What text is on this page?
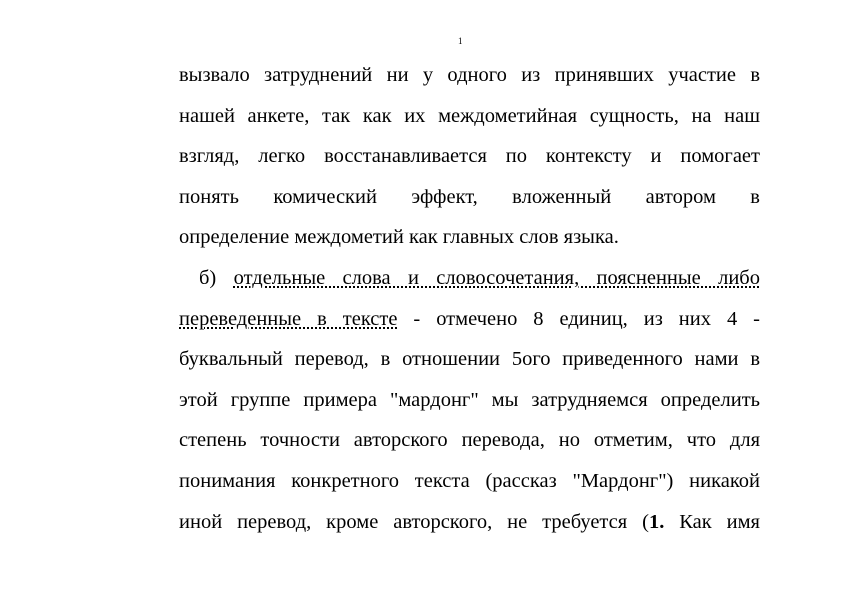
1
вызвало затруднений ни у одного из принявших участие в
нашей анкете, так как их междометийная сущность, на наш
взгляд, легко восстанавливается по контексту и помогает
понять комический эффект, вложенный автором в
определение междометий как главных слов языка.
б) отдельные слова и словосочетания, поясненные либо
переведенные в тексте - отмечено 8 единиц, из них 4 -
буквальный перевод, в отношении 5ого приведенного нами в
этой группе примера "мардонг" мы затрудняемся определить
степень точности авторского перевода, но отметим, что для
понимания конкретного текста (рассказ "Мардонг") никакой
иной перевод, кроме авторского, не требуется (1. Как имя
